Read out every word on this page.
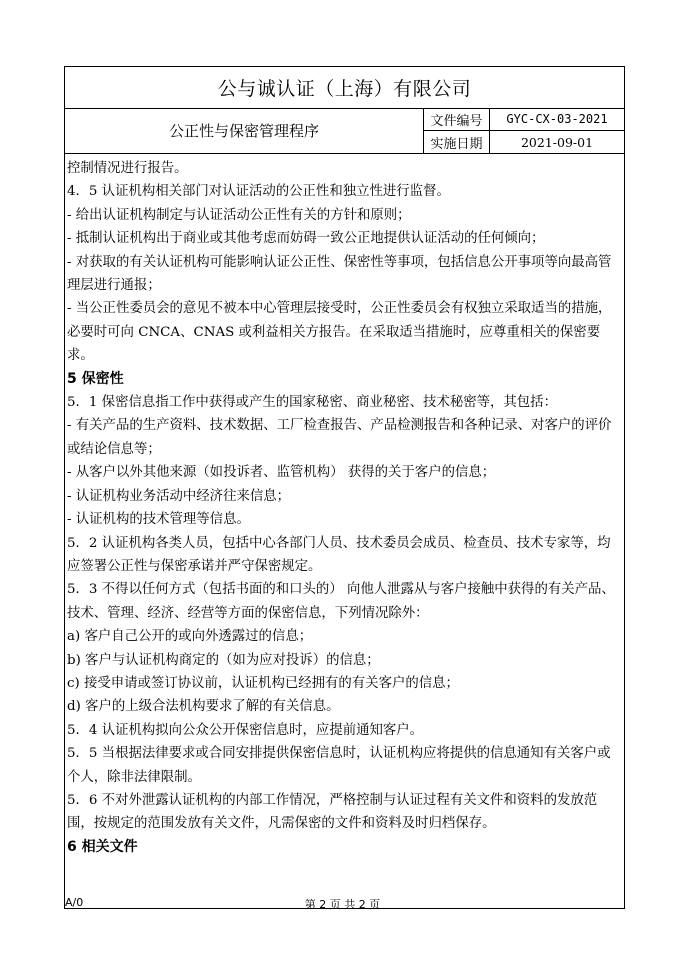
公与诚认证（上海）有限公司
公正性与保密管理程序
文件编号	GYC-CX-03-2021
实施日期	2021-09-01

控制情况进行报告。

4．5 认证机构相关部门对认证活动的公正性和独立性进行监督。

- 给出认证机构制定与认证活动公正性有关的方针和原则；

- 抵制认证机构出于商业或其他考虑而妨碍一致公正地提供认证活动的任何倾向；

- 对获取的有关认证机构可能影响认证公正性、保密性等事项，包括信息公开事项等向最高管理层进行通报；

- 当公正性委员会的意见不被本中心管理层接受时，公正性委员会有权独立采取适当的措施，必要时可向 CNCA、CNAS 或利益相关方报告。在采取适当措施时，应尊重相关的保密要求。

5 保密性

5．1 保密信息指工作中获得或产生的国家秘密、商业秘密、技术秘密等，其包括：

- 有关产品的生产资料、技术数据、工厂检查报告、产品检测报告和各种记录、对客户的评价或结论信息等；

- 从客户以外其他来源（如投诉者、监管机构） 获得的关于客户的信息；

- 认证机构业务活动中经济往来信息；

- 认证机构的技术管理等信息。

5．2 认证机构各类人员，包括中心各部门人员、技术委员会成员、检查员、技术专家等，均应签署公正性与保密承诺并严守保密规定。

5．3 不得以任何方式（包括书面的和口头的） 向他人泄露从与客户接触中获得的有关产品、技术、管理、经济、经营等方面的保密信息，下列情况除外：

a) 客户自己公开的或向外透露过的信息；

b) 客户与认证机构商定的（如为应对投诉）的信息；

c) 接受申请或签订协议前，认证机构已经拥有的有关客户的信息；

d) 客户的上级合法机构要求了解的有关信息。

5．4 认证机构拟向公众公开保密信息时，应提前通知客户。

5．5 当根据法律要求或合同安排提供保密信息时，认证机构应将提供的信息通知有关客户或个人，除非法律限制。

5．6 不对外泄露认证机构的内部工作情况，严格控制与认证过程有关文件和资料的发放范围，按规定的范围发放有关文件，凡需保密的文件和资料及时归档保存。

6 相关文件

A/0	第 2 页 共 2 页
